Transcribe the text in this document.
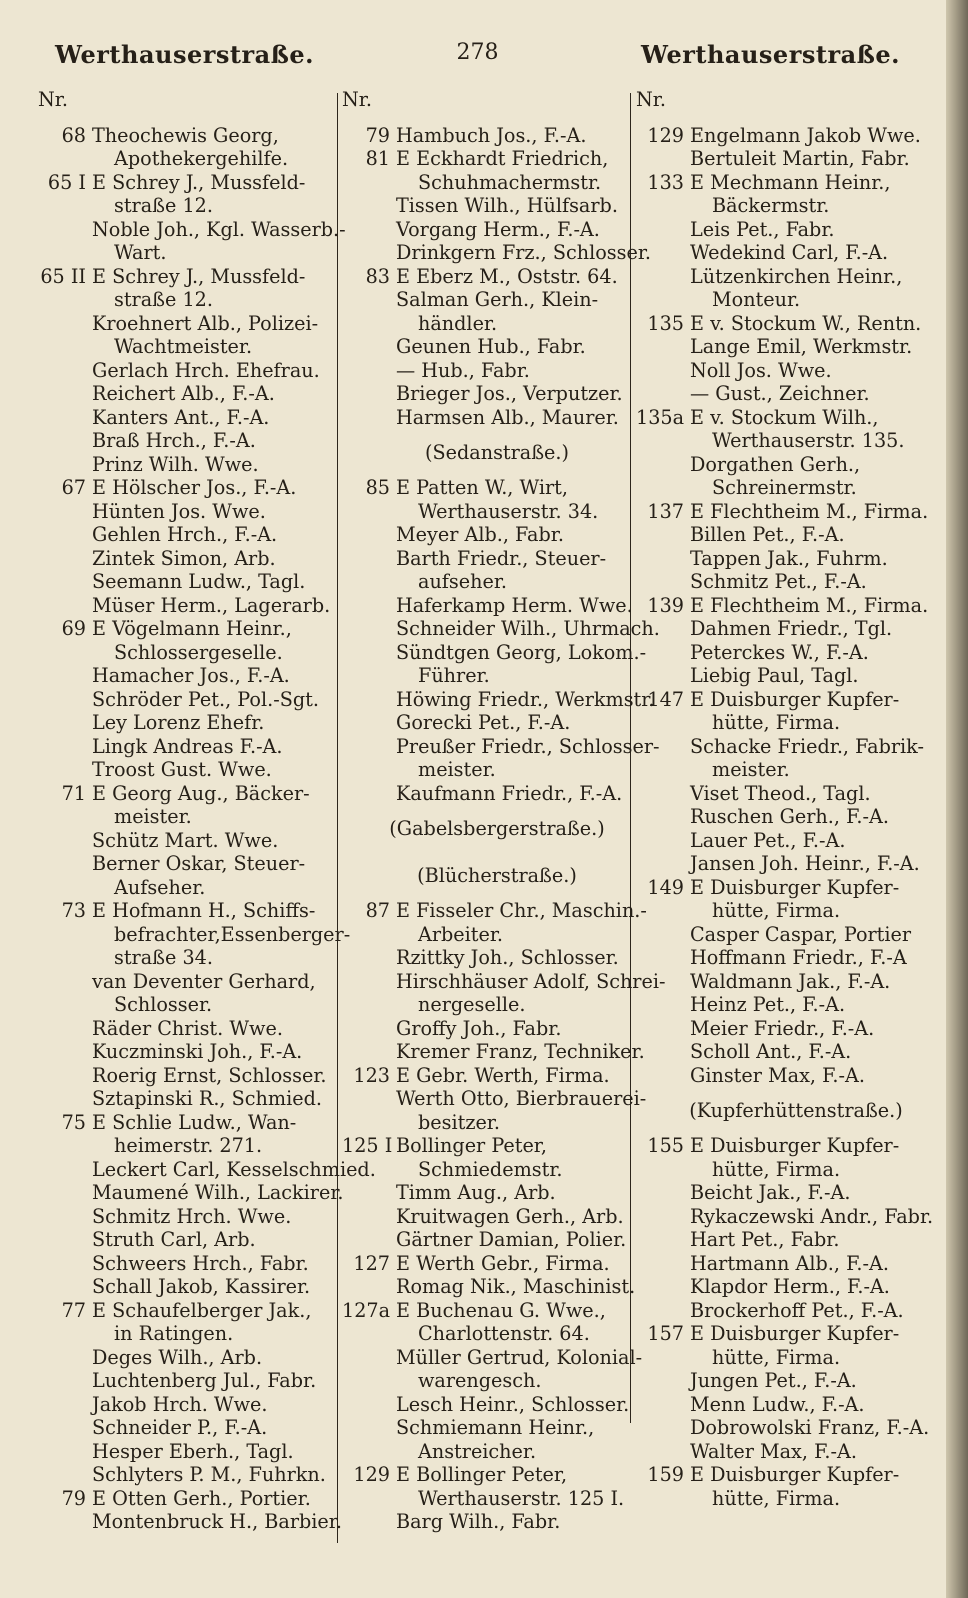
Werthauserstraße.	278	Werthauserstraße.
Nr.
68 Theochewis Georg,
Apothekergehilfe.
65 I E Schrey J., Mussfeld-
straße 12.
Noble Joh., Kgl. Wasserb.-
Wart.
65 II E Schrey J., Mussfeld-
straße 12.
Kroehnert Alb., Polizei-
Wachtmeister.
Gerlach Hrch. Ehefrau.
Reichert Alb., F.-A.
Kanters Ant., F.-A.
Braß Hrch., F.-A.
Prinz Wilh. Wwe.
67 E Hölscher Jos., F.-A.
Hünten Jos. Wwe.
Gehlen Hrch., F.-A.
Zintek Simon, Arb.
Seemann Ludw., Tagl.
Müser Herm., Lagerarb.
69 E Vögelmann Heinr.,
Schlossergeselle.
Hamacher Jos., F.-A.
Schröder Pet., Pol.-Sgt.
Ley Lorenz Ehefr.
Lingk Andreas F.-A.
Troost Gust. Wwe.
71 E Georg Aug., Bäcker-
meister.
Schütz Mart. Wwe.
Berner Oskar, Steuer-
Aufseher.
73 E Hofmann H., Schiffs-
befrachter,Essenberger-
straße 34.
van Deventer Gerhard,
Schlosser.
Räder Christ. Wwe.
Kuczminski Joh., F.-A.
Roerig Ernst, Schlosser.
Sztapinski R., Schmied.
75 E Schlie Ludw., Wan-
heimerstr. 271.
Leckert Carl, Kesselschmied.
Maumené Wilh., Lackirer.
Schmitz Hrch. Wwe.
Struth Carl, Arb.
Schweers Hrch., Fabr.
Schall Jakob, Kassirer.
77 E Schaufelberger Jak.,
in Ratingen.
Deges Wilh., Arb.
Luchtenberg Jul., Fabr.
Jakob Hrch. Wwe.
Schneider P., F.-A.
Hesper Eberh., Tagl.
Schlyters P. M., Fuhrkn.
79 E Otten Gerh., Portier.
Montenbruck H., Barbier.
Nr.
79 Hambuch Jos., F.-A.
81 E Eckhardt Friedrich,
Schuhmachermstr.
Tissen Wilh., Hülfsarb.
Vorgang Herm., F.-A.
Drinkgern Frz., Schlosser.
83 E Eberz M., Oststr. 64.
Salman Gerh., Klein-
händler.
Geunen Hub., Fabr.
— Hub., Fabr.
Brieger Jos., Verputzer.
Harmsen Alb., Maurer.
(Sedanstraße.)
85 E Patten W., Wirt,
Werthauserstr. 34.
Meyer Alb., Fabr.
Barth Friedr., Steuer-
aufseher.
Haferkamp Herm. Wwe.
Schneider Wilh., Uhrmach.
Sündtgen Georg, Lokom.-
Führer.
Höwing Friedr., Werkmstr.
Gorecki Pet., F.-A.
Preußer Friedr., Schlosser-
meister.
Kaufmann Friedr., F.-A.
(Gabelsbergerstraße.)
(Blücherstraße.)
87 E Fisseler Chr., Maschin.-
Arbeiter.
Rzittky Joh., Schlosser.
Hirschhäuser Adolf, Schrei-
nergeselle.
Groffy Joh., Fabr.
Kremer Franz, Techniker.
123 E Gebr. Werth, Firma.
Werth Otto, Bierbrauerei-
besitzer.
125 I Bollinger Peter,
Schmiedemstr.
Timm Aug., Arb.
Kruitwagen Gerh., Arb.
Gärtner Damian, Polier.
127 E Werth Gebr., Firma.
Romag Nik., Maschinist.
127a E Buchenau G. Wwe.,
Charlottenstr. 64.
Müller Gertrud, Kolonial-
warengesch.
Lesch Heinr., Schlosser.
Schmiemann Heinr.,
Anstreicher.
129 E Bollinger Peter,
Werthauserstr. 125 I.
Barg Wilh., Fabr.
Nr.
129 Engelmann Jakob Wwe.
Bertuleit Martin, Fabr.
133 E Mechmann Heinr.,
Bäckermstr.
Leis Pet., Fabr.
Wedekind Carl, F.-A.
Lützenkirchen Heinr.,
Monteur.
135 E v. Stockum W., Rentn.
Lange Emil, Werkmstr.
Noll Jos. Wwe.
— Gust., Zeichner.
135a E v. Stockum Wilh.,
Werthauserstr. 135.
Dorgathen Gerh.,
Schreinermstr.
137 E Flechtheim M., Firma.
Billen Pet., F.-A.
Tappen Jak., Fuhrm.
Schmitz Pet., F.-A.
139 E Flechtheim M., Firma.
Dahmen Friedr., Tgl.
Peterckes W., F.-A.
Liebig Paul, Tagl.
147 E Duisburger Kupfer-
hütte, Firma.
Schacke Friedr., Fabrik-
meister.
Viset Theod., Tagl.
Ruschen Gerh., F.-A.
Lauer Pet., F.-A.
Jansen Joh. Heinr., F.-A.
149 E Duisburger Kupfer-
hütte, Firma.
Casper Caspar, Portier
Hoffmann Friedr., F.-A
Waldmann Jak., F.-A.
Heinz Pet., F.-A.
Meier Friedr., F.-A.
Scholl Ant., F.-A.
Ginster Max, F.-A.
(Kupferhüttenstraße.)
155 E Duisburger Kupfer-
hütte, Firma.
Beicht Jak., F.-A.
Rykaczewski Andr., Fabr.
Hart Pet., Fabr.
Hartmann Alb., F.-A.
Klapdor Herm., F.-A.
Brockerhoff Pet., F.-A.
157 E Duisburger Kupfer-
hütte, Firma.
Jungen Pet., F.-A.
Menn Ludw., F.-A.
Dobrowolski Franz, F.-A.
Walter Max, F.-A.
159 E Duisburger Kupfer-
hütte, Firma.
